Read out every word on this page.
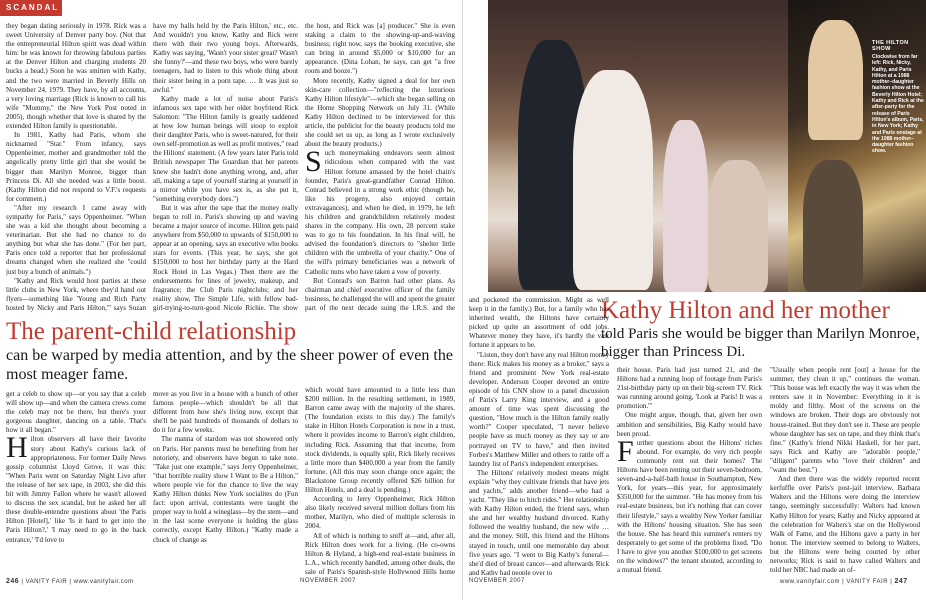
SCANDAL

they began dating seriously in 1978. Rick was a sweet University of Denver party boy. (Not that the entrepreneurial Hilton spirit was dead within him: he was known for throwing fabulous parties at the Denver Hilton and charging students 20 bucks a head.) Soon he was smitten with Kathy, and the two were married in Beverly Hills on November 24, 1979. They have, by all accounts, a very loving marriage (Rick is known to call his wife "Mommy," the New York Post noted in 2005), though whether that love is shared by the extended Hilton family is questionable.

In 1981, Kathy had Paris, whom she nicknamed "Star." From infancy, says Oppenheimer, mother and grandmother told the angelically pretty little girl that she would be bigger than Marilyn Monroe, bigger than Princess Di. All she needed was a little boost. (Kathy Hilton did not respond to V.F.'s requests for comment.)

"After my research I came away with sympathy for Paris," says Oppenheimer. "When she was a kid she thought about becoming a veterinarian. But she had no chance to do anything but what she has done." (For her part, Paris once told a reporter that her professional dreams changed when she realized she "could just buy a bunch of animals.")

"Kathy and Rick would host parties at these little clubs in New York, where they'd hand out flyers—something like 'Young and Rich Party hosted by Nicky and Paris Hilton,'" says Suzan

have my balls held by the Paris Hilton,' etc., etc. And wouldn't you know, Kathy and Rick were there with their two young boys. Afterwards, Kathy was saying, 'Wasn't your sister great? Wasn't she funny?'—and these two boys, who were barely teenagers, had to listen to this whole thing about their sister being in a porn tape. … It was just so awful."

Kathy made a lot of noise about Paris's infamous sex tape with her older boyfriend Rick Salomon: "The Hilton family is greatly saddened at how low human beings will stoop to exploit their daughter Paris, who is sweet-natured, for their own self-promotion as well as profit motives," read the Hiltons' statement. (A few years later Paris told British newspaper The Guardian that her parents knew she hadn't done anything wrong, and, after all, making a tape of yourself staring at yourself in a mirror while you have sex is, as she put it, "something everybody does.")

But it was after the tape that the money really began to roll in. Paris's showing up and waving became a major source of income. Hilton gets paid anywhere from $50,000 to upwards of $150,000 to appear at an opening, says an executive who books stars for events. (This year, he says, she got $150,000 to host her birthday party at the Hard Rock Hotel in Las Vegas.) Then there are the endorsements for lines of jewelry, makeup, and fragrance; the Club Paris nightclubs; and her reality show, The Simple Life, with fellow bad-girl-trying-to-turn-good Nicole Richie. The show

the host, and Rick was [a] producer." She is even staking a claim to the showing-up-and-waving business; right now, says the booking executive, she can bring in around $5,000 or $10,000 for an appearance. (Dina Lohan, he says, can get "a free room and booze.")

More recently, Kathy signed a deal for her own skin-care collection—"reflecting the luxurious Kathy Hilton lifestyle"—which she began selling on the Home Shopping Network on July 31. (While Kathy Hilton declined to be interviewed for this article, the publicist for the beauty products told me she could set us up, as long as I wrote exclusively about the beauty products.)

Such moneymaking endeavors seem almost ridiculous when compared with the vast Hilton fortune amassed by the hotel chain's founder, Paris's great-grandfather Conrad Hilton. Conrad believed in a strong work ethic (though he, like his progeny, also enjoyed certain extravagances), and when he died, in 1979, he left his children and grandchildren relatively modest shares in the company. His own, 28 percent stake was to go to his foundation. In his final will, he advised the foundation's directors to "shelter little children with the umbrella of your charity." One of the will's primary beneficiaries was a network of Catholic nuns who have taken a vow of poverty.

But Conrad's son Barron had other plans. As chairman and chief executive officer of the family business, he challenged the will and spent the greater part of the next decade suing the I.R.S. and the

The parent-child relationship
can be warped by media attention, and by the sheer power of even the most meager fame.

get a celeb to show up—or you say that a celeb will show up—and when the camera crews come the celeb may not be there, but there's your gorgeous daughter, dancing on a table. That's how it all began."

Hilton observers all have their favorite story about Kathy's curious lack of appropriateness. For former Daily News gossip columnist Lloyd Grove, it was this: "When Paris went on Saturday Night Live after the release of her sex tape, in 2003, she did this bit with Jimmy Fallon where he wasn't allowed to discuss the sex scandal, but he asked her all these double-entendre questions about 'the Paris Hilton [Hotel],' like 'Is it hard to get into the Paris Hilton?,' 'I may need to go in the back entrance,' 'I'd love to

move as you live in a house with a bunch of other famous people—which shouldn't be all that different from how she's living now, except that she'll be paid hundreds of thousands of dollars to do it for a few weeks.

The manna of stardom was not showered only on Paris. Her parents must be benefiting from her notoriety, and observers have begun to take note. "Take just one example," says Jerry Oppenheimer, "that horrible reality show I Want to Be a Hilton," where people vie for the chance to live the way Kathy Hilton thinks New York socialites do (Fun fact: upon arrival, contestants were taught the proper way to hold a wineglass—by the stem—and in the last scene everyone is holding the glass correctly, except Kathy Hilton.) "Kathy made a chuck of change as

which would have amounted to a little less than $200 million. In the resulting settlement, in 1989, Barron came away with the majority of the shares. (The foundation exists to this day.) The family's stake in Hilton Hotels Corporation is now in a trust, where it provides income to Barron's eight children, including Rick. Assuming that that income, from stock dividends, is equally split, Rick likely receives a little more than $400,000 a year from the family fortune. (All this may soon change once again; the Blackstone Group recently offered $26 billion for Hilton Hotels, and a deal is pending.)

According to Jerry Oppenheimer, Rick Hilton also likely received several million dollars from his mother, Marilyn, who died of multiple sclerosis in 2004.

All of which is nothing to sniff at—and, after all, Rick Hilton does work for a living. (He co-owns Hilton & Hyland, a high-end real-estate business in L.A., which recently handled, among other deals, the sale of Paris's Spanish-style Hollywood Hills home

246 | VANITY FAIR | www.vanityfair.com	NOVEMBER 2007
THE HILTON SHOW
Clockwise from far left: Rick, Nicky, Kathy, and Paris Hilton at a 1988 mother–daughter fashion show at the Beverly Hilton Hotel; Kathy and Rick at the after-party for the release of Paris Hilton's album, Paris, in New York; Kathy and Paris onstage at the 1988 mother–daughter fashion show.
Kathy Hilton and her mother
told Paris she would be bigger than Marilyn Monroe, bigger than Princess Di.

and pocketed the commission. Might as well keep it in the family.) But, for a family who has inherited wealth, the Hiltons have certainly picked up quite an assortment of odd jobs. Whatever money they have, it's hardly the vast fortune it appears to be.

"Listen, they don't have any real Hilton money there: Rick makes his money as a broker," says a friend and prominent New York real-estate developer. Anderson Cooper devoted an entire episode of his CNN show to a panel discussion of Paris's Larry King interview, and a good amount of time was spent discussing the question, "How much is the Hilton family really worth?" Cooper speculated, "I never believe people have as much money as they say or are portrayed on TV to have," and then invited Forbes's Matthew Miller and others to rattle off a laundry list of Paris's independent enterprises.

The Hiltons' relatively modest means might explain "why they cultivate friends that have jets and yachts," adds another friend—who had a yacht. "They like to hitch rides." Her relationship with Kathy Hilton ended, the friend says, when she and her wealthy husband divorced. Kathy followed the wealthy husband, the new wife … and the money. Still, this friend and the Hiltons stayed in touch, until one memorable day about five years ago. "I went to Big Kathy's funeral—she'd died of breast cancer—and afterwards Rick and Kathy had people over to

their house. Paris had just turned 21, and the Hiltons had a running loop of footage from Paris's 21st-birthday party up on their big-screen TV. Rick was running around going, 'Look at Paris! It was a promotion.'"

One might argue, though, that, given her own ambition and sensibilities, Big Kathy would have been proud.

Further questions about the Hiltons' riches abound. For example, do very rich people commonly rent out their homes? The Hiltons have been renting out their seven-bedroom, seven-and-a-half-bath house in Southampton, New York, for years—this year, for approximately $350,000 for the summer. "He has money from his real-estate business, but it's nothing that can cover their lifestyle," says a wealthy New Yorker familiar with the Hiltons' housing situation. She has seen the house. She has heard this summer's renters try desperately to get some of the problems fixed. "Do I have to give you another $100,000 to get screens on the windows?" the tenant shouted, according to a mutual friend.

"Usually when people rent [out] a house for the summer, they clean it up," continues the woman. "This house was left exactly the way it was when the renters saw it in November: Everything in it is moldy and filthy. Most of the screens on the windows are broken. Their dogs are obviously not house-trained. But they don't see it. These are people whose daughter has sex on tape, and they think that's fine." (Kathy's friend Nikki Haskell, for her part, says Rick and Kathy are "adorable people," "diligent" parents who "love their children" and "want the best.")

And then there was the widely reported recent kerfuffle over Paris's post-jail interview. Barbara Walters and the Hiltons were doing the interview tango, seemingly successfully: Walters had known Kathy Hilton for years; Kathy and Nicky appeared at the celebration for Walters's star on the Hollywood Walk of Fame, and the Hiltons gave a party in her honor. The interview seemed to belong to Walters, but the Hiltons were being courted by other networks; Rick is said to have called Walters and told her NBC had made an of-

NOVEMBER 2007	www.vanityfair.com | VANITY FAIR | 247
